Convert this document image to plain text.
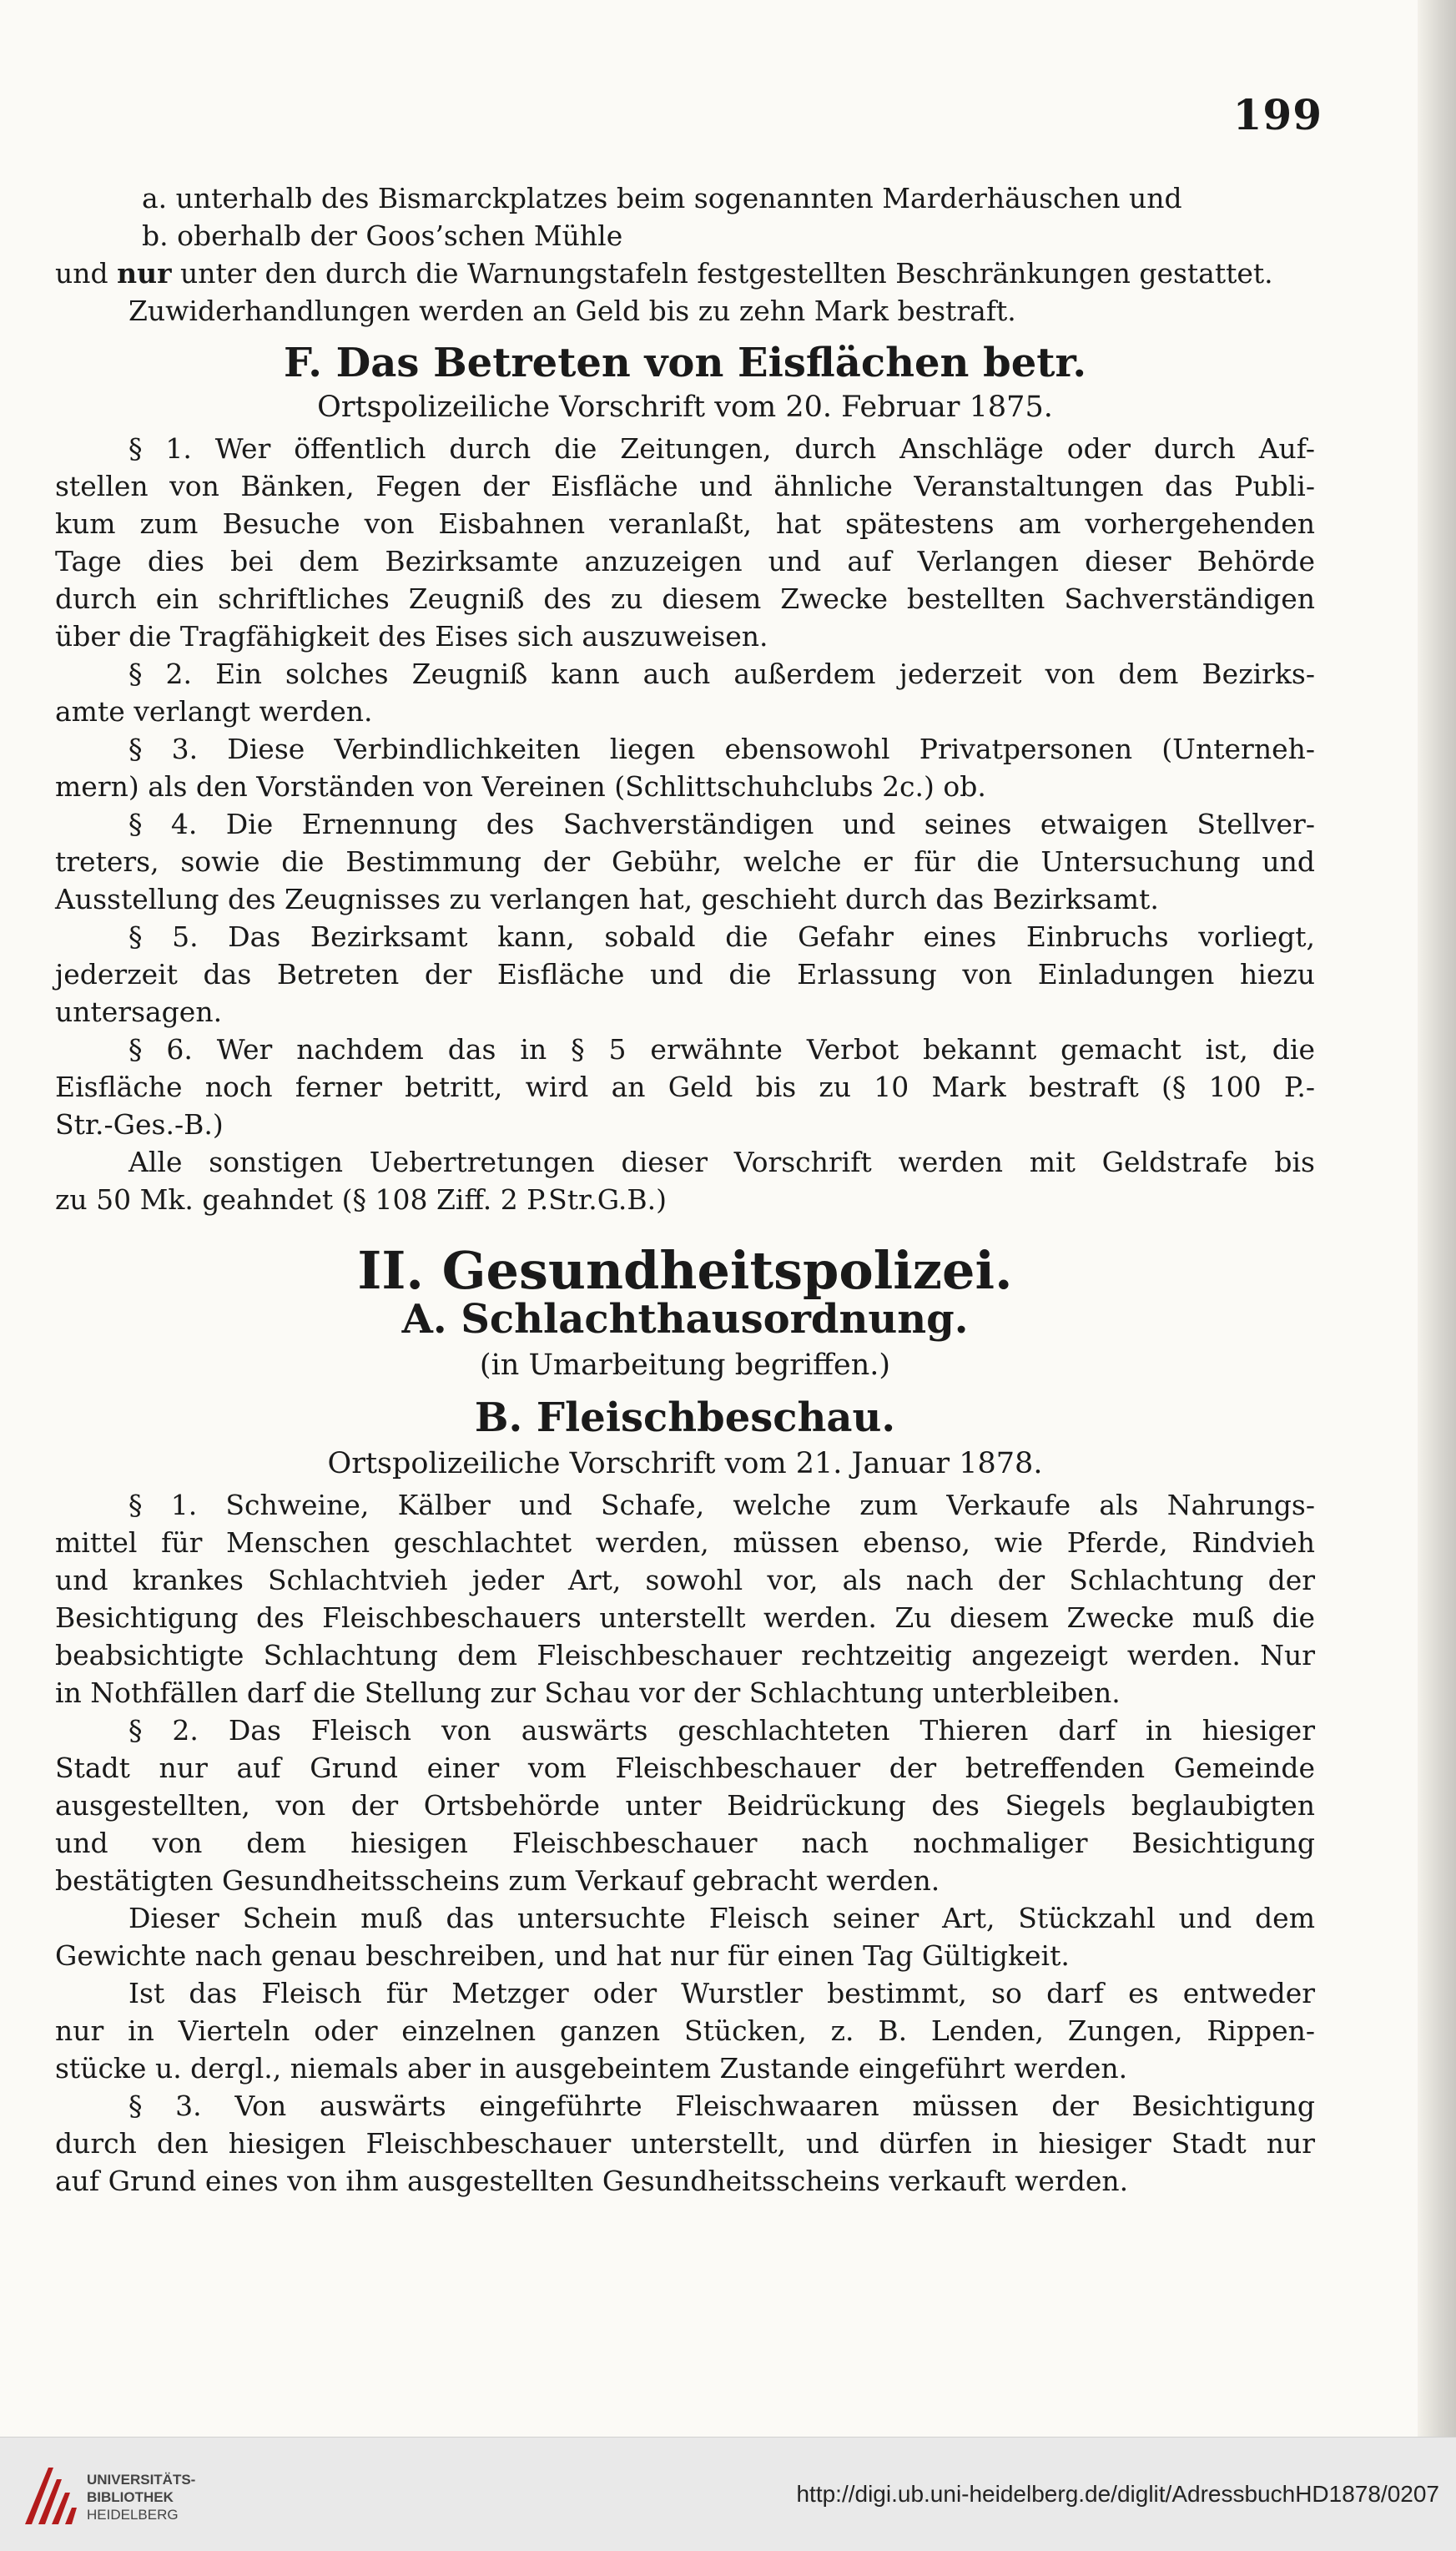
199

a. unterhalb des Bismarckplatzes beim sogenannten Marderhäuschen und

b. oberhalb der Goos’schen Mühle

und nur unter den durch die Warnungstafeln festgestellten Beschränkungen gestattet.

Zuwiderhandlungen werden an Geld bis zu zehn Mark bestraft.

F. Das Betreten von Eisflächen betr.

Ortspolizeiliche Vorschrift vom 20. Februar 1875.

§ 1. Wer öffentlich durch die Zeitungen, durch Anschläge oder durch Auf-

stellen von Bänken, Fegen der Eisfläche und ähnliche Veranstaltungen das Publi-

kum zum Besuche von Eisbahnen veranlaßt, hat spätestens am vorhergehenden

Tage dies bei dem Bezirksamte anzuzeigen und auf Verlangen dieser Behörde

durch ein schriftliches Zeugniß des zu diesem Zwecke bestellten Sachverständigen

über die Tragfähigkeit des Eises sich auszuweisen.

§ 2. Ein solches Zeugniß kann auch außerdem jederzeit von dem Bezirks-

amte verlangt werden.

§ 3. Diese Verbindlichkeiten liegen ebensowohl Privatpersonen (Unterneh-

mern) als den Vorständen von Vereinen (Schlittschuhclubs 2c.) ob.

§ 4. Die Ernennung des Sachverständigen und seines etwaigen Stellver-

treters, sowie die Bestimmung der Gebühr, welche er für die Untersuchung und

Ausstellung des Zeugnisses zu verlangen hat, geschieht durch das Bezirksamt.

§ 5. Das Bezirksamt kann, sobald die Gefahr eines Einbruchs vorliegt,

jederzeit das Betreten der Eisfläche und die Erlassung von Einladungen hiezu

untersagen.

§ 6. Wer nachdem das in § 5 erwähnte Verbot bekannt gemacht ist, die

Eisfläche noch ferner betritt, wird an Geld bis zu 10 Mark bestraft (§ 100 P.-

Str.-Ges.-B.)

Alle sonstigen Uebertretungen dieser Vorschrift werden mit Geldstrafe bis

zu 50 Mk. geahndet (§ 108 Ziff. 2 P.Str.G.B.)

II. Gesundheitspolizei.
A. Schlachthausordnung.

(in Umarbeitung begriffen.)

B. Fleischbeschau.

Ortspolizeiliche Vorschrift vom 21. Januar 1878.

§ 1. Schweine, Kälber und Schafe, welche zum Verkaufe als Nahrungs-

mittel für Menschen geschlachtet werden, müssen ebenso, wie Pferde, Rindvieh

und krankes Schlachtvieh jeder Art, sowohl vor, als nach der Schlachtung der

Besichtigung des Fleischbeschauers unterstellt werden. Zu diesem Zwecke muß die

beabsichtigte Schlachtung dem Fleischbeschauer rechtzeitig angezeigt werden. Nur

in Nothfällen darf die Stellung zur Schau vor der Schlachtung unterbleiben.

§ 2. Das Fleisch von auswärts geschlachteten Thieren darf in hiesiger

Stadt nur auf Grund einer vom Fleischbeschauer der betreffenden Gemeinde

ausgestellten, von der Ortsbehörde unter Beidrückung des Siegels beglaubigten

und von dem hiesigen Fleischbeschauer nach nochmaliger Besichtigung

bestätigten Gesundheitsscheins zum Verkauf gebracht werden.

Dieser Schein muß das untersuchte Fleisch seiner Art, Stückzahl und dem

Gewichte nach genau beschreiben, und hat nur für einen Tag Gültigkeit.

Ist das Fleisch für Metzger oder Wurstler bestimmt, so darf es entweder

nur in Vierteln oder einzelnen ganzen Stücken, z. B. Lenden, Zungen, Rippen-

stücke u. dergl., niemals aber in ausgebeintem Zustande eingeführt werden.

§ 3. Von auswärts eingeführte Fleischwaaren müssen der Besichtigung

durch den hiesigen Fleischbeschauer unterstellt, und dürfen in hiesiger Stadt nur

auf Grund eines von ihm ausgestellten Gesundheitsscheins verkauft werden.

UNIVERSITÄTS-
BIBLIOTHEK
HEIDELBERG
http://digi.ub.uni-heidelberg.de/diglit/AdressbuchHD1878/0207
